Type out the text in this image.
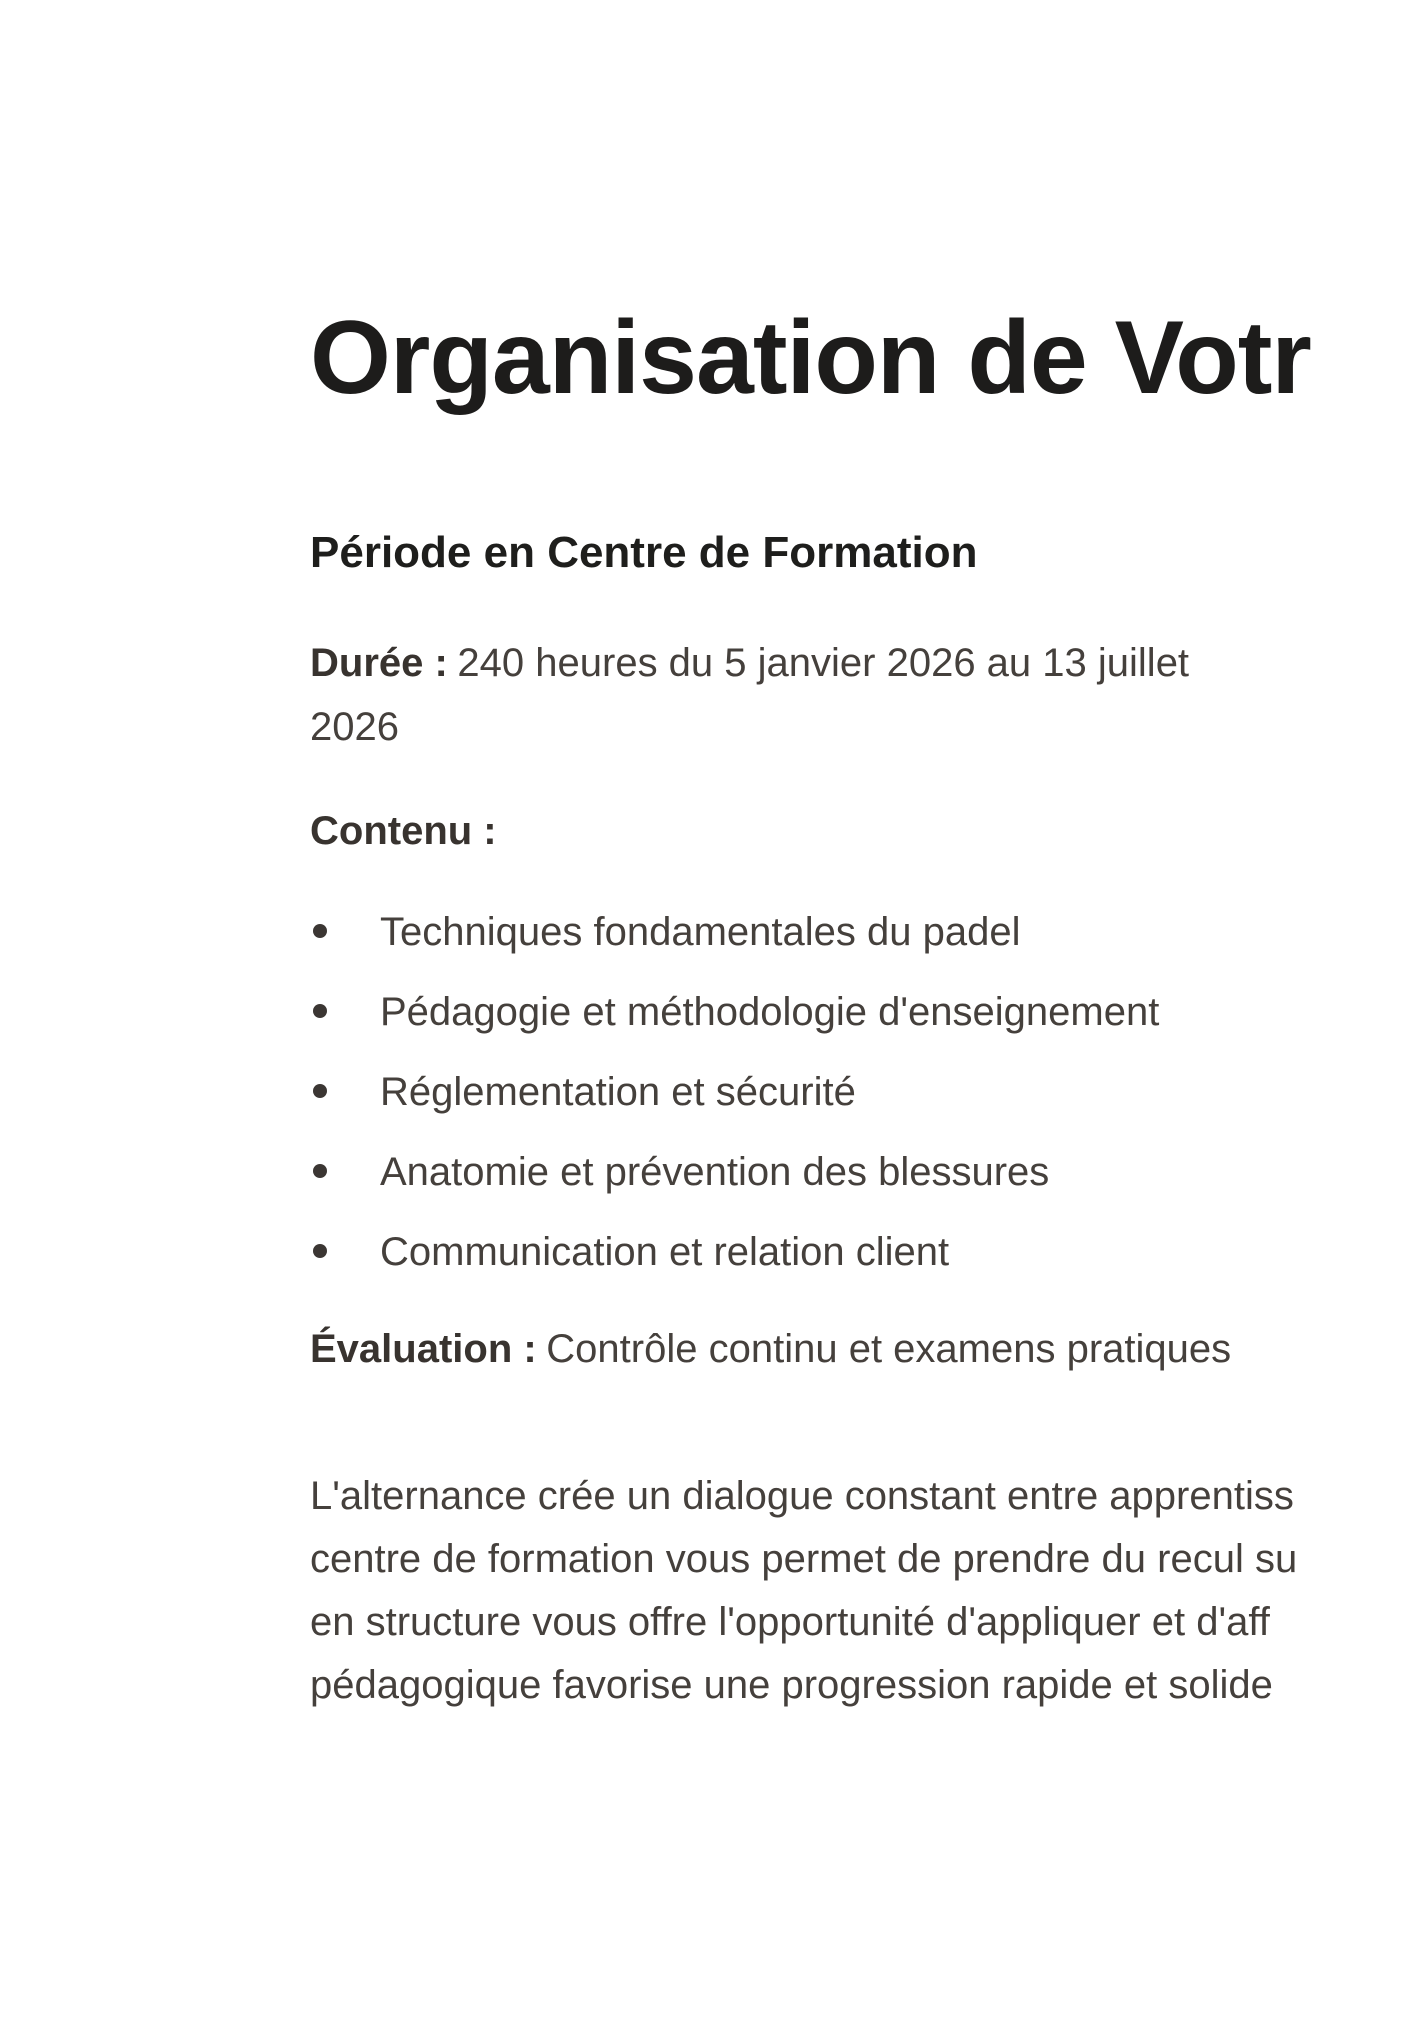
Organisation de Votr
Période en Centre de Formation
Durée : 240 heures du 5 janvier 2026 au 13 juillet
2026
Contenu :
Techniques fondamentales du padel
Pédagogie et méthodologie d'enseignement
Réglementation et sécurité
Anatomie et prévention des blessures
Communication et relation client
Évaluation : Contrôle continu et examens pratiques
L'alternance crée un dialogue constant entre apprentiss
centre de formation vous permet de prendre du recul su
en structure vous offre l'opportunité d'appliquer et d'aff
pédagogique favorise une progression rapide et solide
